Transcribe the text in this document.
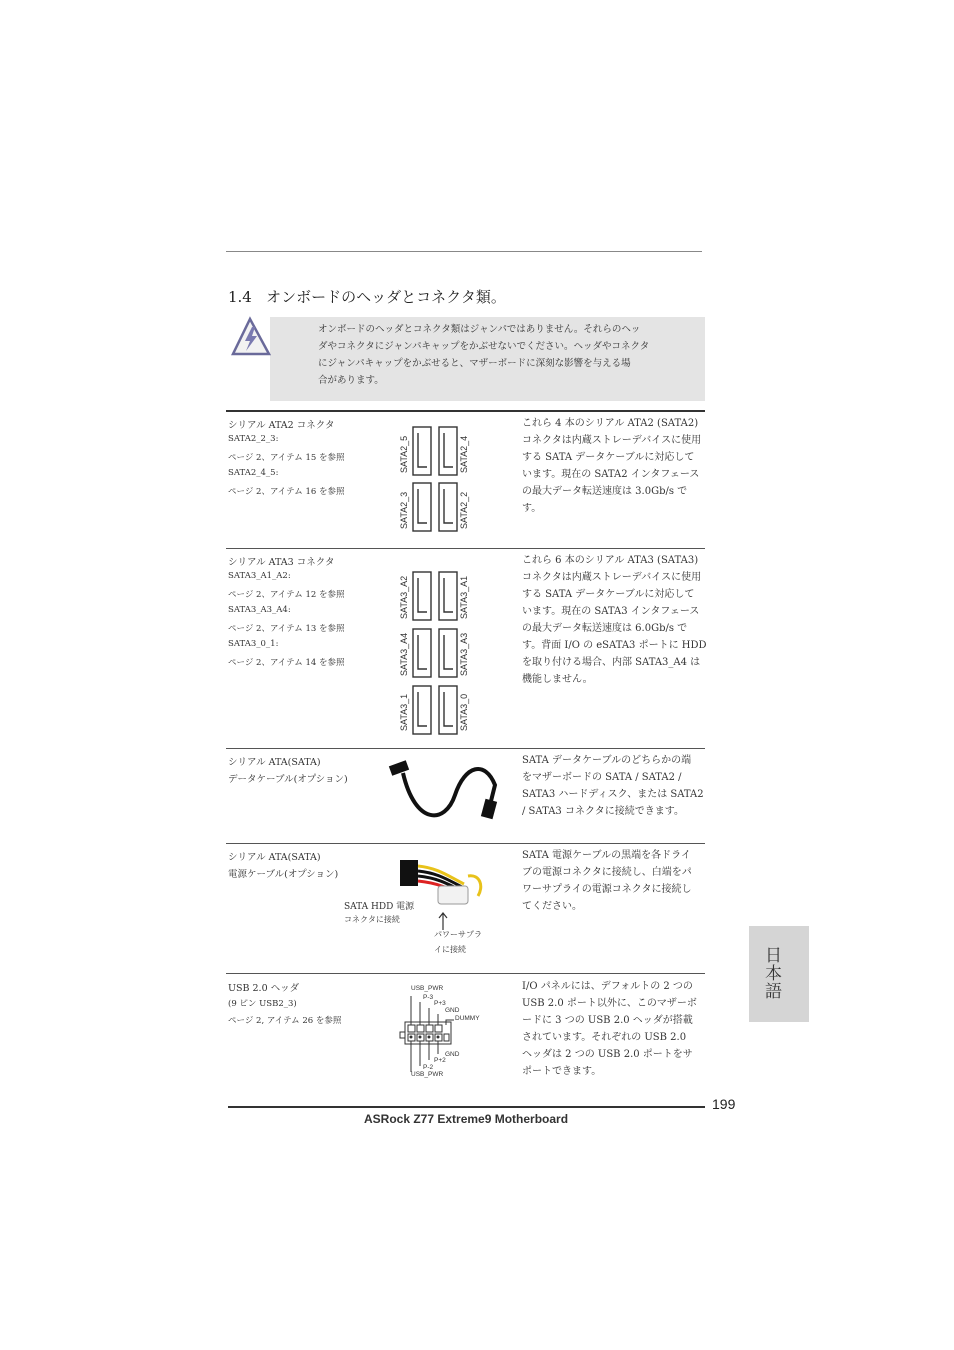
1.4 オンボードのヘッダとコネクタ類。
オンボードのヘッダとコネクタ類はジャンパではありません。それらのヘッ
ダやコネクタにジャンパキャップをかぶせないでください。ヘッダやコネクタ
にジャンパキャップをかぶせると、マザーボードに深刻な影響を与える場
合があります。
シリアル ATA2 コネクタ
SATA2_2_3:
ページ 2、アイテム 15 を参照
SATA2_4_5:
ページ 2、アイテム 16 を参照
SATA2_5	SATA2_4
SATA2_3	SATA2_2
これら 4 本のシリアル ATA2 (SATA2)
コネクタは内蔵ストレーデバイスに使用
する SATA データケーブルに対応して
います。現在の SATA2 インタフェース
の最大データ転送速度は 3.0Gb/s で
す。
シリアル ATA3 コネクタ
SATA3_A1_A2:
ページ 2、アイテム 12 を参照
SATA3_A3_A4:
ページ 2、アイテム 13 を参照
SATA3_0_1:
ページ 2、アイテム 14 を参照
SATA3_A2	SATA3_A1
SATA3_A4	SATA3_A3
SATA3_1	SATA3_0
これら 6 本のシリアル ATA3 (SATA3)
コネクタは内蔵ストレーデバイスに使用
する SATA データケーブルに対応して
います。現在の SATA3 インタフェース
の最大データ転送速度は 6.0Gb/s で
す。背面 I/O の eSATA3 ポートに HDD
を取り付ける場合、内部 SATA3_A4 は
機能しません。
シリアル ATA(SATA)
データケーブル(オプション)
SATA データケーブルのどちらかの端
をマザーボードの SATA / SATA2 /
SATA3 ハードディスク、または SATA2
/ SATA3 コネクタに接続できます。
シリアル ATA(SATA)
電源ケーブル(オプション)
SATA HDD 電源
コネクタに接続
パワーサプラ
イに接続
SATA 電源ケーブルの黒端を各ドライ
ブの電源コネクタに接続し、白端をパ
ワーサプライの電源コネクタに接続し
てください。
USB 2.0 ヘッダ
(9 ピン USB2_3)
ページ 2, アイテム 26 を参照
USB_PWR
P-3
P+3
GND
DUMMY
GND
P+2
P-2
USB_PWR
I/O パネルには、デフォルトの 2 つの
USB 2.0 ポート以外に、このマザーボ
ードに 3 つの USB 2.0 ヘッダが搭載
されています。それぞれの USB 2.0
ヘッダは 2 つの USB 2.0 ポートをサ
ポートできます。
日本語
199
ASRock Z77 Extreme9 Motherboard
